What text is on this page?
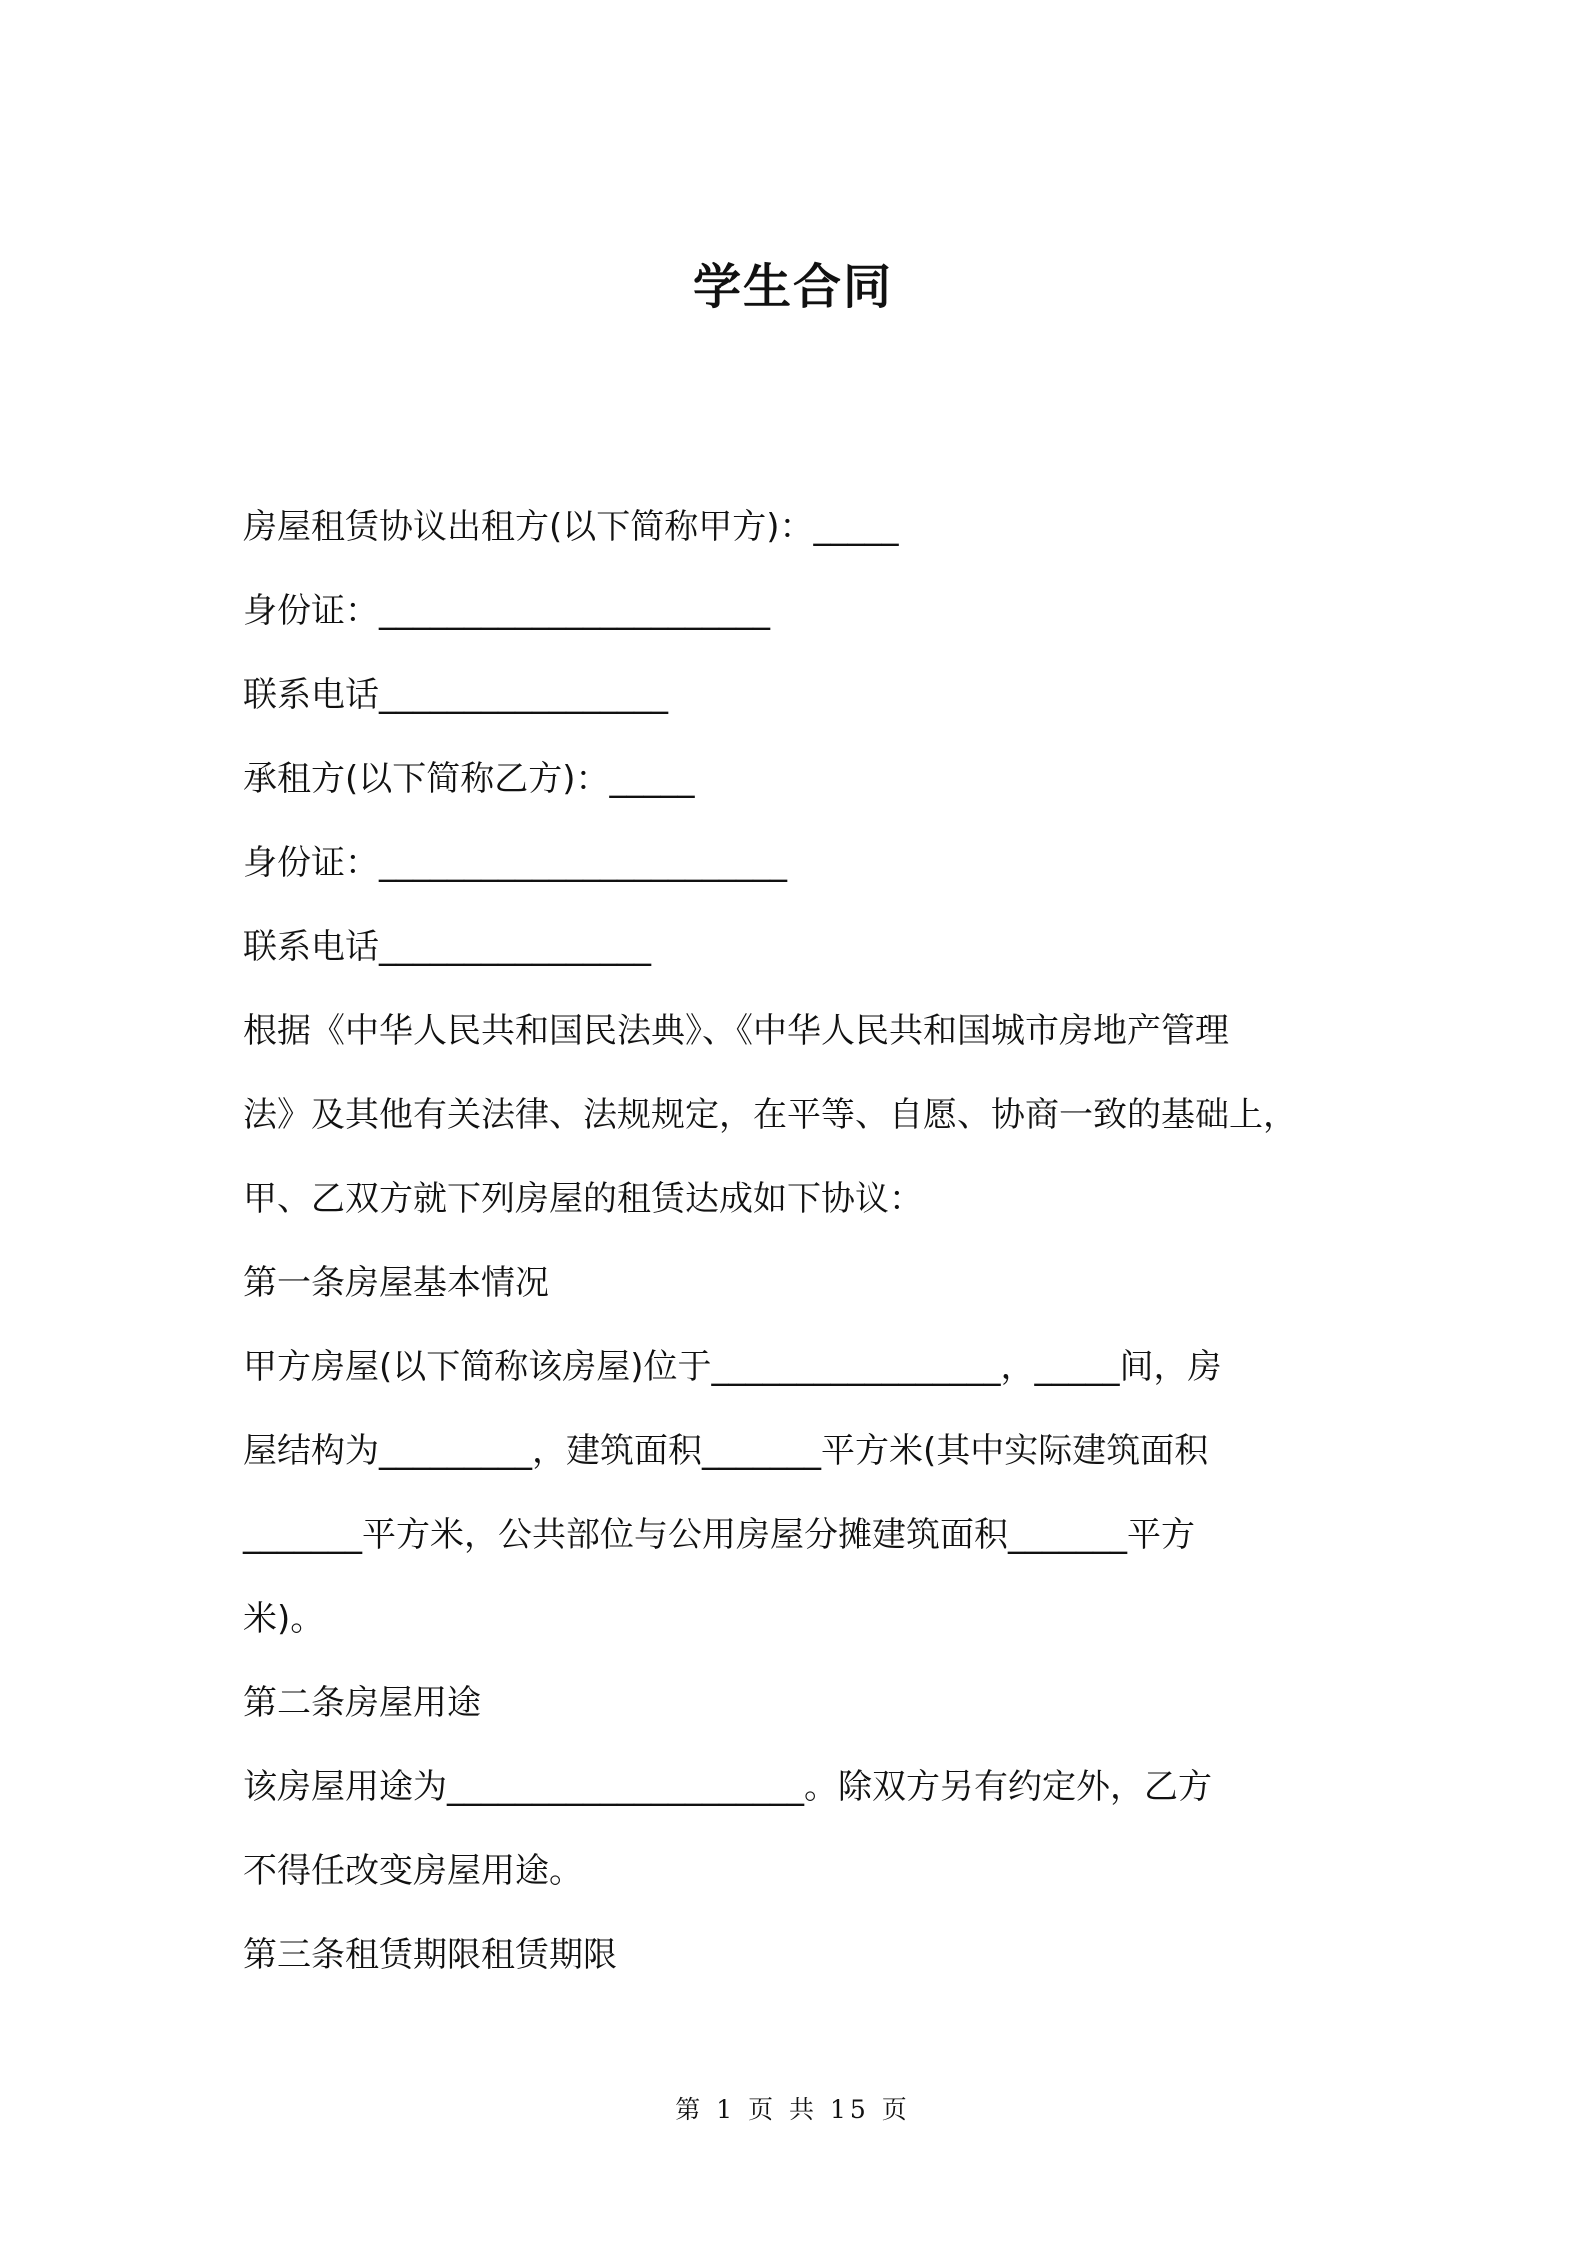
学生合同
房屋租赁协议出租方(以下简称甲方)：_____
身份证：_______________________
联系电话_________________
承租方(以下简称乙方)：_____
身份证：________________________
联系电话________________
根据《中华人民共和国民法典》、《中华人民共和国城市房地产管理
法》及其他有关法律、法规规定，在平等、自愿、协商一致的基础上，
甲、乙双方就下列房屋的租赁达成如下协议：
第一条房屋基本情况
甲方房屋(以下简称该房屋)位于_________________，_____间，房
屋结构为_________，建筑面积_______平方米(其中实际建筑面积
_______平方米，公共部位与公用房屋分摊建筑面积_______平方
米)。
第二条房屋用途
该房屋用途为_____________________。除双方另有约定外，乙方
不得任改变房屋用途。
第三条租赁期限租赁期限
第 1 页 共 15 页
